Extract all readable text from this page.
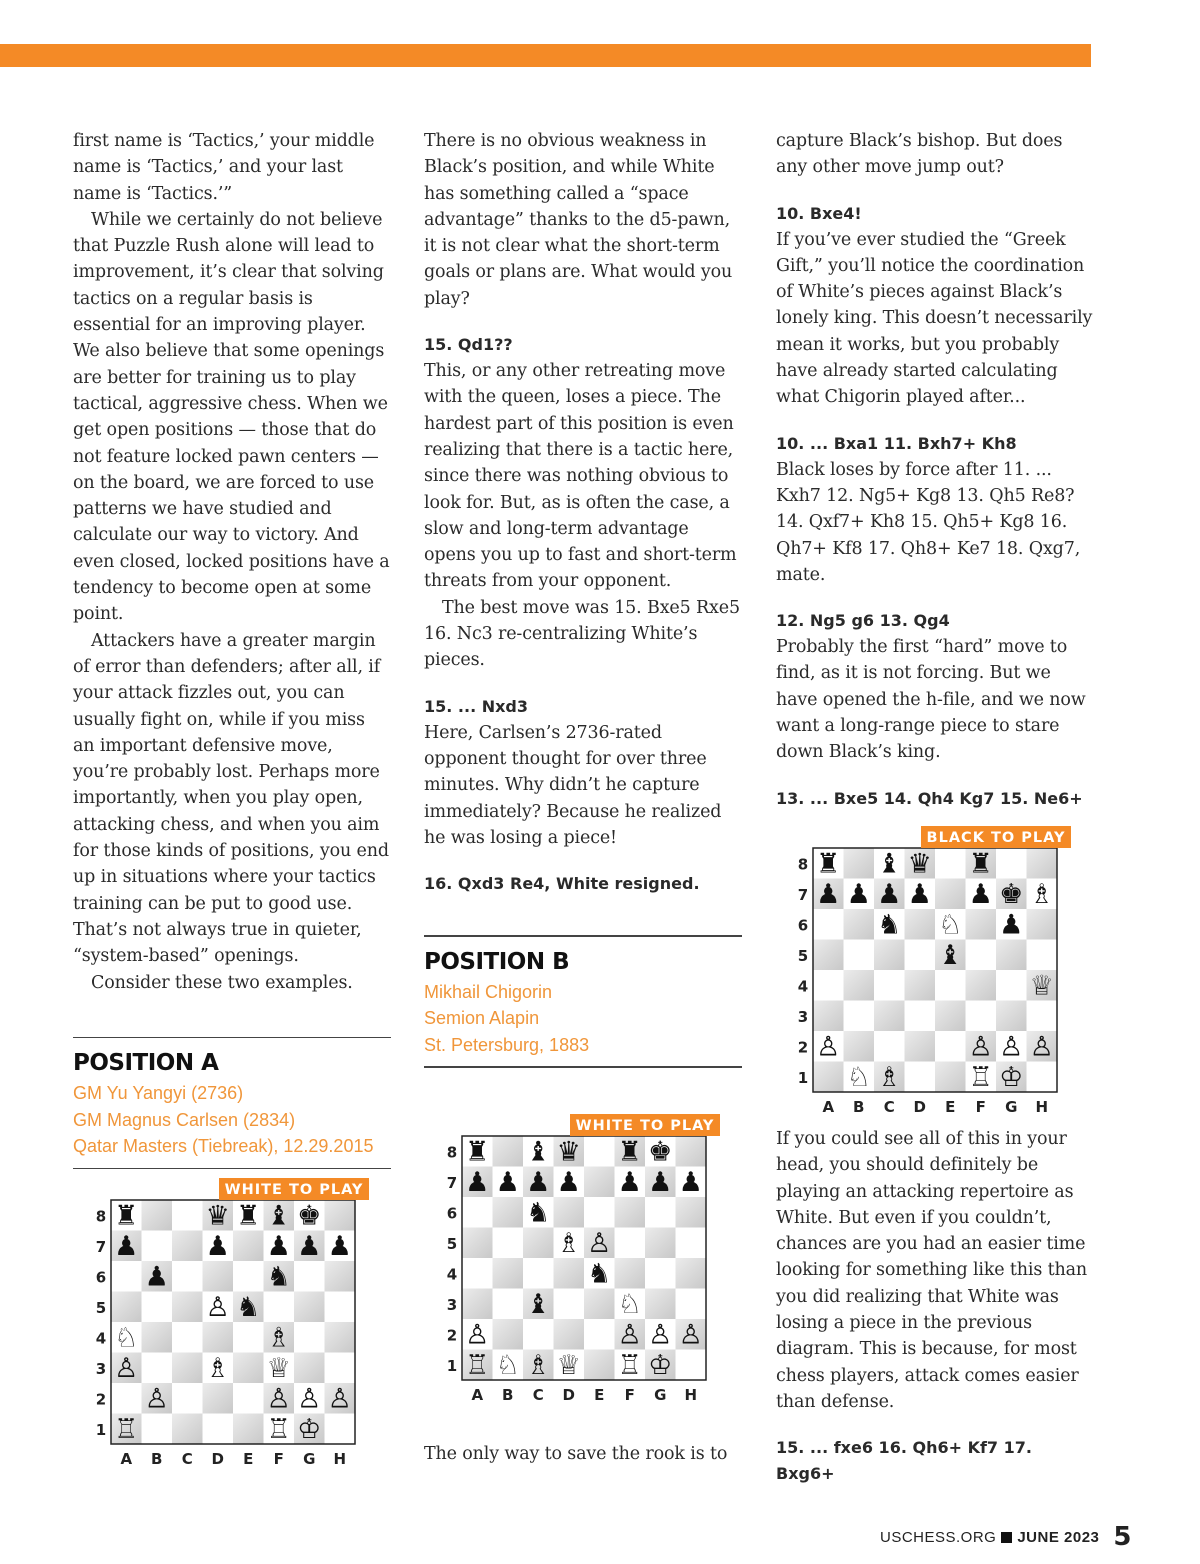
first name is ‘Tactics,’ your middle name is ‘Tactics,’ and your last name is ‘Tactics.’”

While we certainly do not believe that Puzzle Rush alone will lead to improvement, it’s clear that solving tactics on a regular basis is essential for an improving player. We also believe that some openings are better for training us to play tactical, aggressive chess. When we get open positions — those that do not feature locked pawn centers — on the board, we are forced to use patterns we have studied and calculate our way to victory. And even closed, locked positions have a tendency to become open at some point.

Attackers have a greater margin of error than defenders; after all, if your attack fizzles out, you can usually fight on, while if you miss an important defensive move, you’re probably lost. Perhaps more importantly, when you play open, attacking chess, and when you aim for those kinds of positions, you end up in situations where your tactics training can be put to good use. That’s not always true in quieter, “system-based” openings.

Consider these two examples.

POSITION A
GM Yu Yangyi (2736)
GM Magnus Carlsen (2834)
Qatar Masters (Tiebreak), 12.29.2015

There is no obvious weakness in Black’s position, and while White has something called a “space advantage” thanks to the d5-pawn, it is not clear what the short-term goals or plans are. What would you play?

15. Qd1??

This, or any other retreating move with the queen, loses a piece. The hardest part of this position is even realizing that there is a tactic here, since there was nothing obvious to look for. But, as is often the case, a slow and long-term advantage opens you up to fast and short-term threats from your opponent.

The best move was 15. Bxe5 Rxe5 16. Nc3 re-centralizing White’s pieces.

15. ... Nxd3

Here, Carlsen’s 2736-rated opponent thought for over three minutes. Why didn’t he capture immediately? Because he realized he was losing a piece!

16. Qxd3 Re4, White resigned.
POSITION B
Mikhail Chigorin
Semion Alapin
St. Petersburg, 1883

The only way to save the rook is to

capture Black’s bishop. But does any other move jump out?

10. Bxe4!

If you’ve ever studied the “Greek Gift,” you’ll notice the coordination of White’s pieces against Black’s lonely king. This doesn’t necessarily mean it works, but you probably have already started calculating what Chigorin played after...

10. ... Bxa1 11. Bxh7+ Kh8

Black loses by force after 11. ... Kxh7 12. Ng5+ Kg8 13. Qh5 Re8? 14. Qxf7+ Kh8 15. Qh5+ Kg8 16. Qh7+ Kf8 17. Qh8+ Ke7 18. Qxg7, mate.

12. Ng5 g6 13. Qg4

Probably the first “hard” move to find, as it is not forcing. But we have opened the h-file, and we now want a long-range piece to stare down Black’s king.

13. ... Bxe5 14. Qh4 Kg7 15. Ne6+

If you could see all of this in your head, you should definitely be playing an attacking repertoire as White. But even if you couldn’t, chances are you had an easier time looking for something like this than you did realizing that White was losing a piece in the previous diagram. This is because, for most chess players, attack comes easier than defense.

15. ... fxe6 16. Qh6+ Kf7 17. Bxg6+
8
7
6
5
4
3
2
1
A B C D E F G H
♜ ♛ ♜ ♝ ♚
♟ ♟ ♟ ♟ ♟
♟	♞
♙ ♞
♘	♗
♙ ♗ ♕
♙	♙ ♙ ♙
♖	♖ ♔
WHITE TO PLAY
8
7
6
5
4
3
2
1
A B C D E F G H
♜ ♝ ♛ ♜ ♚
♟ ♟ ♟ ♟ ♟ ♟ ♟
♞
♗ ♙
♞
♝ ♘
♙	♙ ♙ ♙
♖ ♘ ♗ ♕ ♖ ♔
WHITE TO PLAY
8
7
6
5
4
3
2
1
A B C D E F G H
♜ ♝ ♛ ♜
♟ ♟ ♟ ♟ ♟ ♚ ♗
♞ ♘ ♟
♝
♕
♙	♙ ♙ ♙
♘ ♗ ♖ ♔
BLACK TO PLAY
USCHESS.ORG JUNE 2023 5
